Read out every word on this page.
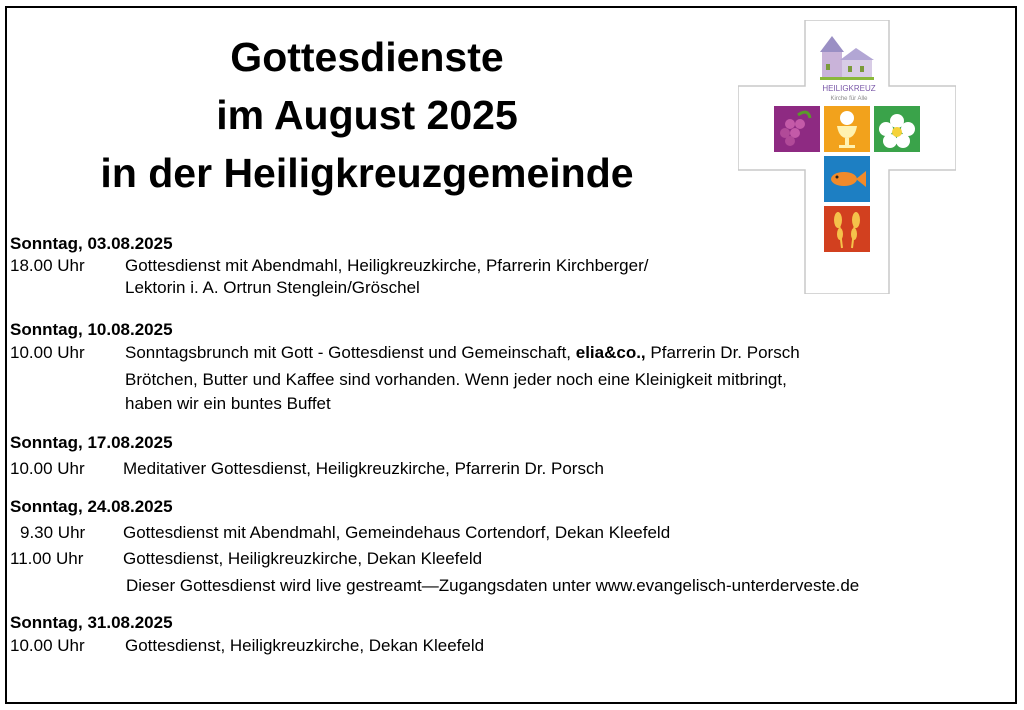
Gottesdienste
im August 2025
in der Heiligkreuzgemeinde
HEILIGKREUZ
Kirche für Alle
Sonntag, 03.08.2025
18.00 Uhr Gottesdienst mit Abendmahl, Heiligkreuzkirche, Pfarrerin Kirchberger/
Lektorin i. A. Ortrun Stenglein/Gröschel
Sonntag, 10.08.2025
10.00 Uhr Sonntagsbrunch mit Gott - Gottesdienst und Gemeinschaft, elia&co., Pfarrerin Dr. Porsch
Brötchen, Butter und Kaffee sind vorhanden. Wenn jeder noch eine Kleinigkeit mitbringt,
haben wir ein buntes Buffet
Sonntag, 17.08.2025
10.00 Uhr Meditativer Gottesdienst, Heiligkreuzkirche, Pfarrerin Dr. Porsch
Sonntag, 24.08.2025
9.30 Uhr Gottesdienst mit Abendmahl, Gemeindehaus Cortendorf, Dekan Kleefeld
11.00 Uhr Gottesdienst, Heiligkreuzkirche, Dekan Kleefeld
Dieser Gottesdienst wird live gestreamt—Zugangsdaten unter www.evangelisch-unterderveste.de
Sonntag, 31.08.2025
10.00 Uhr Gottesdienst, Heiligkreuzkirche, Dekan Kleefeld
